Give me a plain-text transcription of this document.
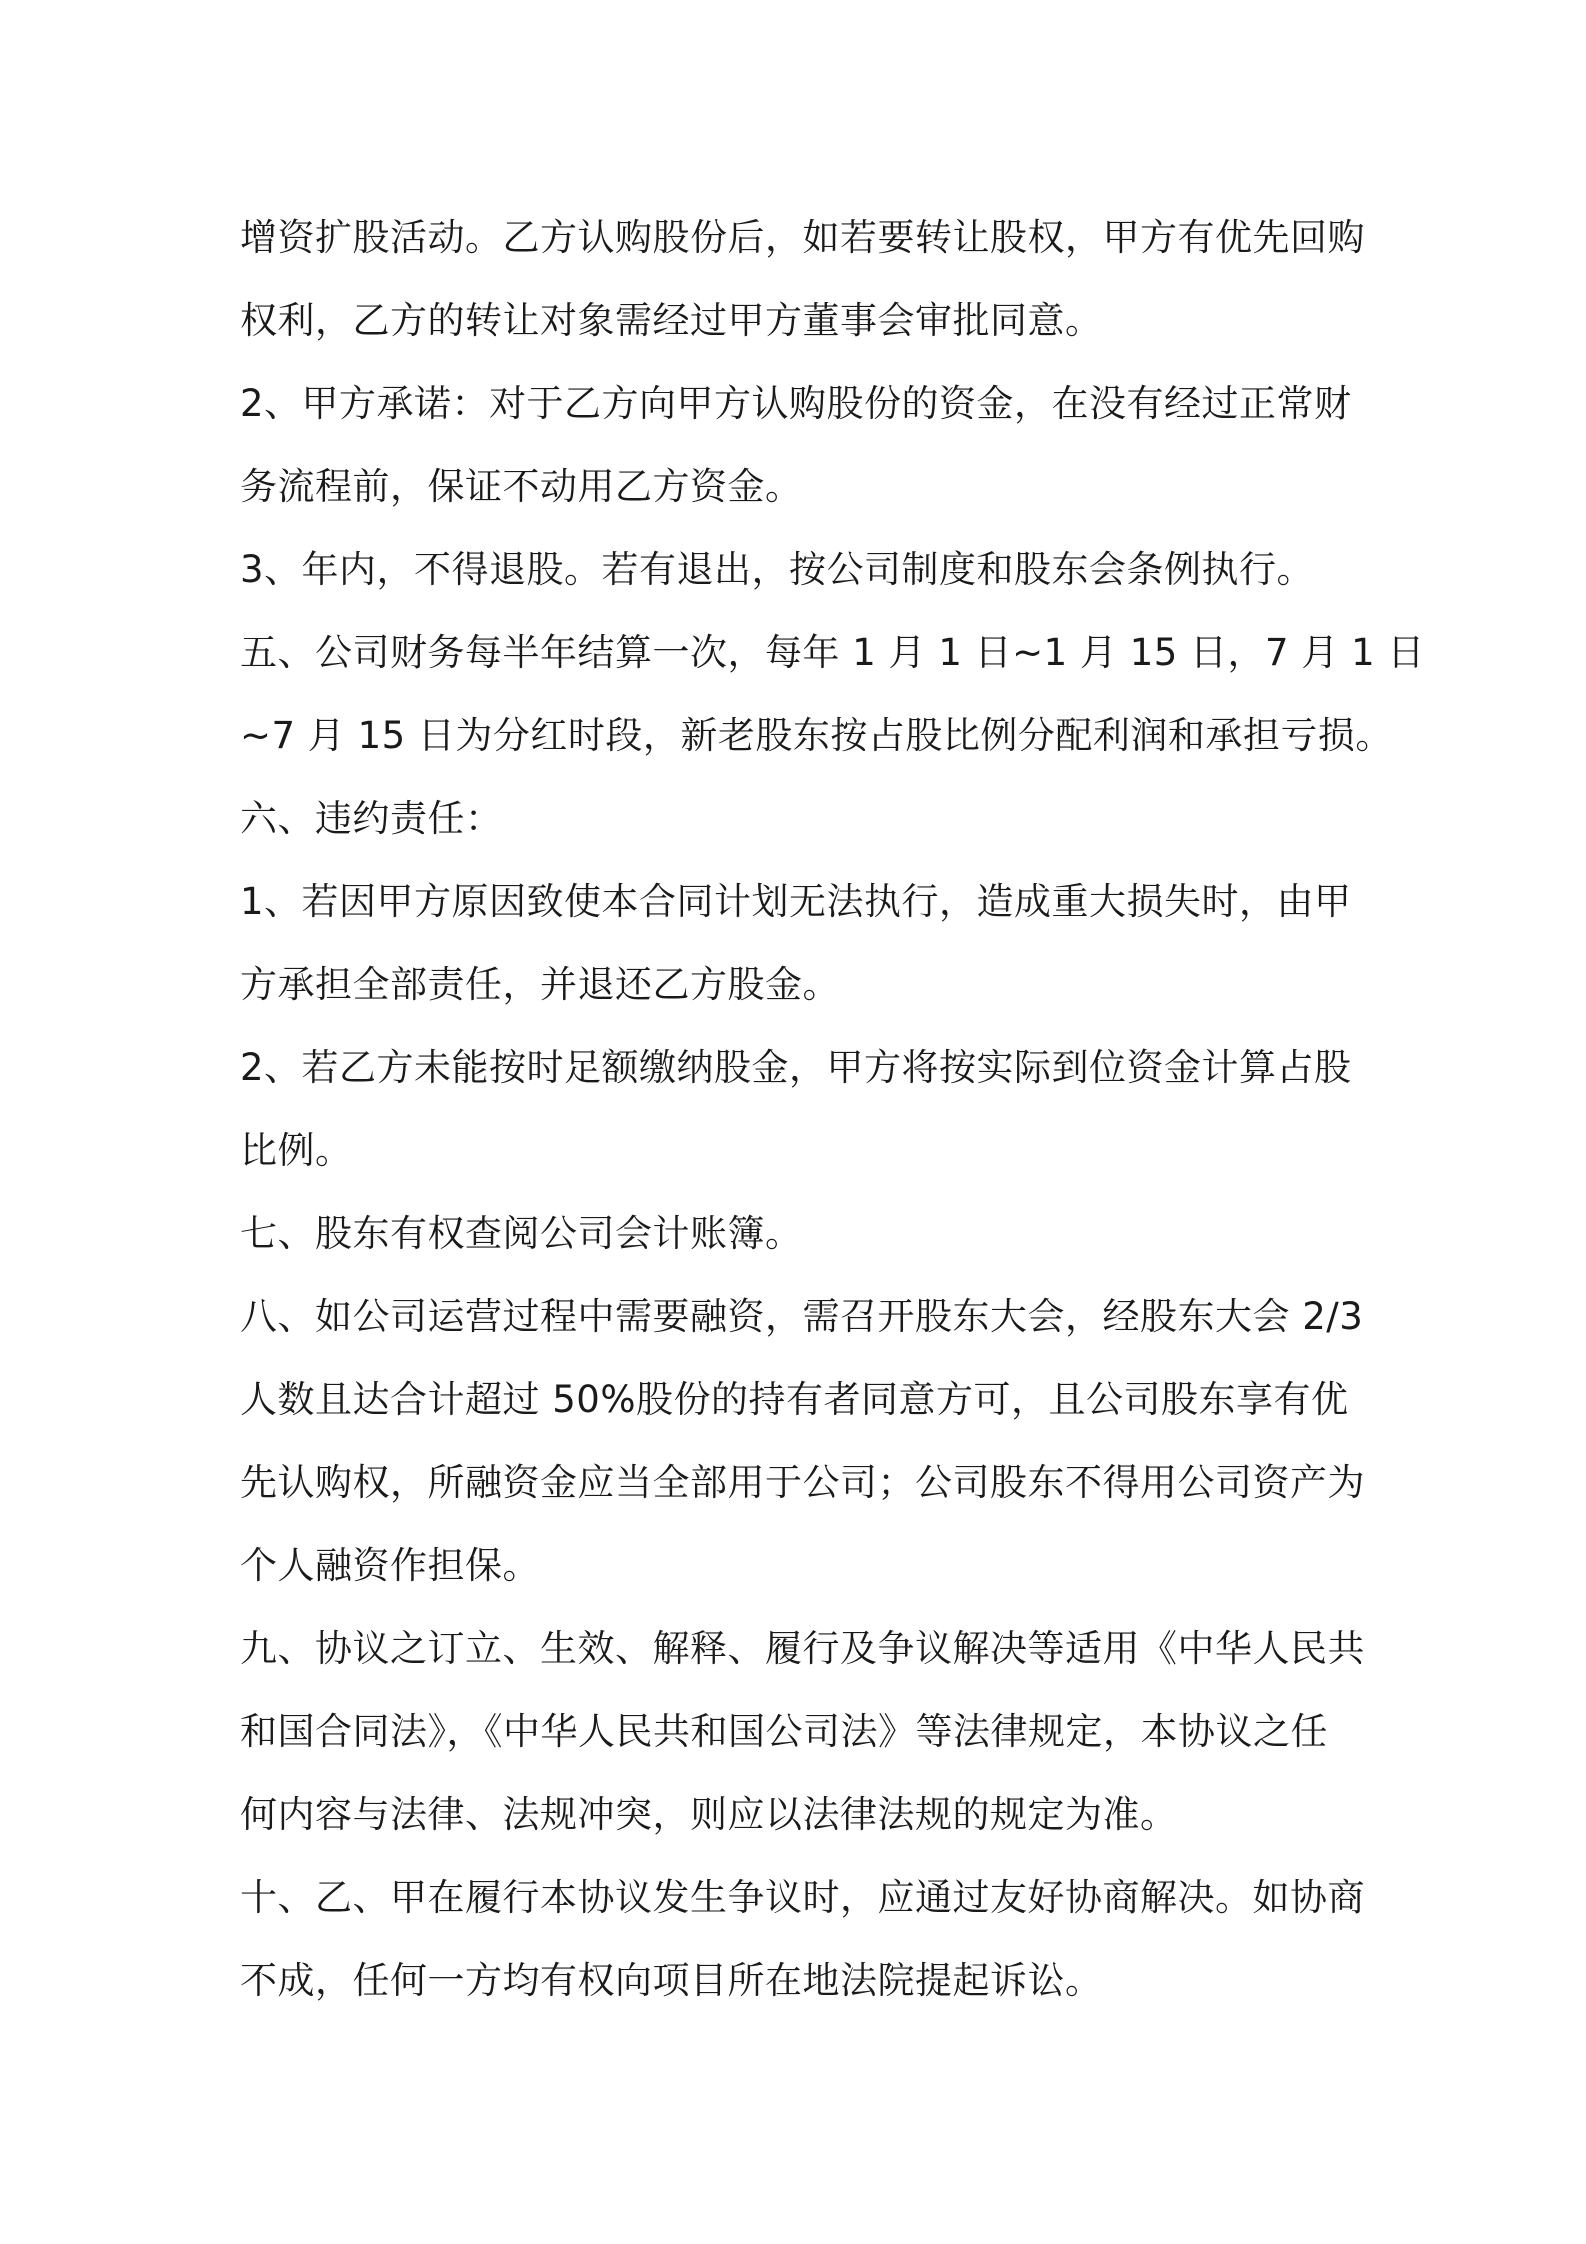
增资扩股活动。乙方认购股份后，如若要转让股权，甲方有优先回购
权利，乙方的转让对象需经过甲方董事会审批同意。
2、甲方承诺：对于乙方向甲方认购股份的资金，在没有经过正常财
务流程前，保证不动用乙方资金。
3、年内，不得退股。若有退出，按公司制度和股东会条例执行。
五、公司财务每半年结算一次，每年 1 月 1 日~1 月 15 日，7 月 1 日
~7 月 15 日为分红时段，新老股东按占股比例分配利润和承担亏损。
六、违约责任：
1、若因甲方原因致使本合同计划无法执行，造成重大损失时，由甲
方承担全部责任，并退还乙方股金。
2、若乙方未能按时足额缴纳股金，甲方将按实际到位资金计算占股
比例。
七、股东有权查阅公司会计账簿。
八、如公司运营过程中需要融资，需召开股东大会，经股东大会 2/3
人数且达合计超过 50%股份的持有者同意方可，且公司股东享有优
先认购权，所融资金应当全部用于公司；公司股东不得用公司资产为
个人融资作担保。
九、协议之订立、生效、解释、履行及争议解决等适用《中华人民共
和国合同法》，《中华人民共和国公司法》等法律规定，本协议之任
何内容与法律、法规冲突，则应以法律法规的规定为准。
十、乙、甲在履行本协议发生争议时，应通过友好协商解决。如协商
不成，任何一方均有权向项目所在地法院提起诉讼。
